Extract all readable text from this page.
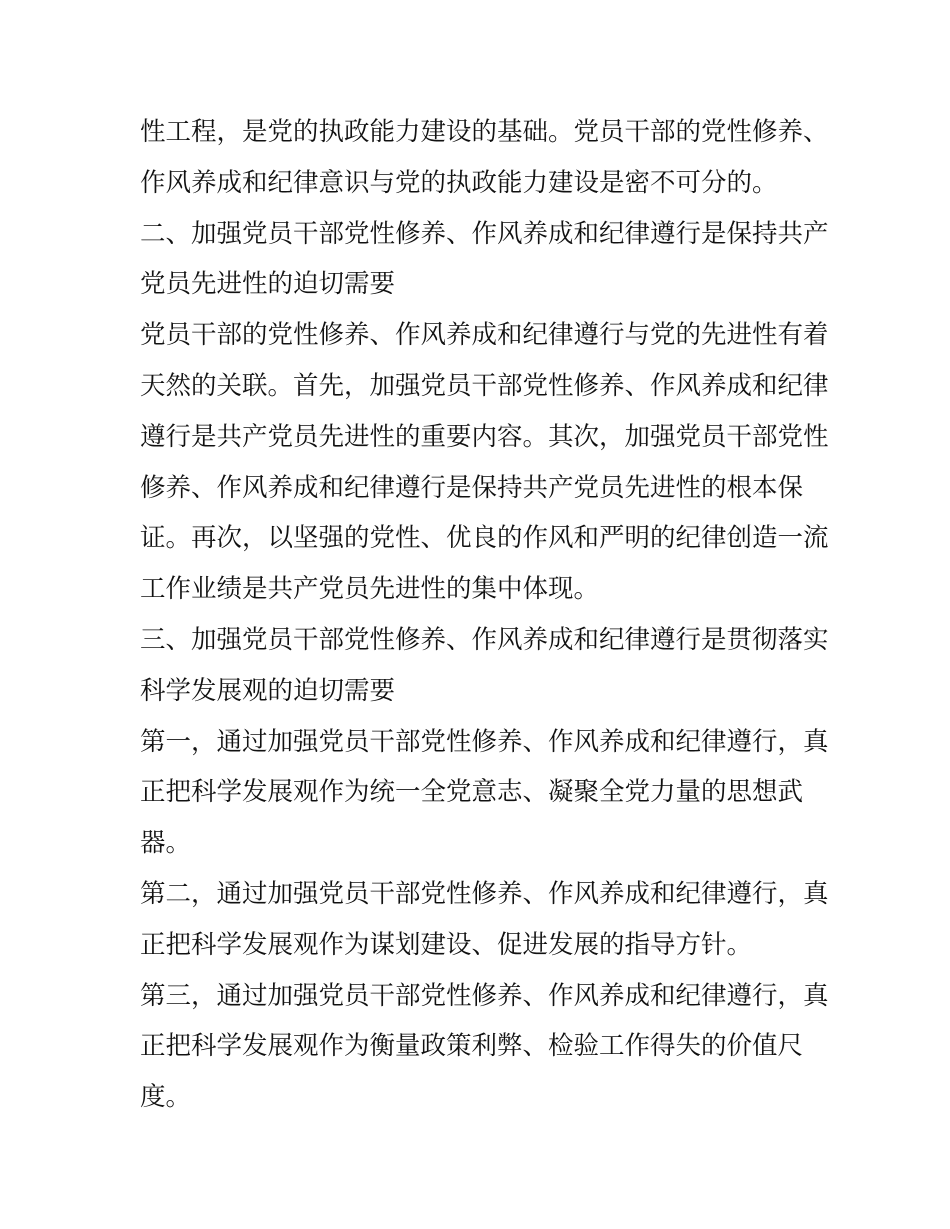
性工程，是党的执政能力建设的基础。党员干部的党性修养、

作风养成和纪律意识与党的执政能力建设是密不可分的。

二、加强党员干部党性修养、作风养成和纪律遵行是保持共产

党员先进性的迫切需要

党员干部的党性修养、作风养成和纪律遵行与党的先进性有着

天然的关联。首先，加强党员干部党性修养、作风养成和纪律

遵行是共产党员先进性的重要内容。其次，加强党员干部党性

修养、作风养成和纪律遵行是保持共产党员先进性的根本保

证。再次，以坚强的党性、优良的作风和严明的纪律创造一流

工作业绩是共产党员先进性的集中体现。

三、加强党员干部党性修养、作风养成和纪律遵行是贯彻落实

科学发展观的迫切需要

第一，通过加强党员干部党性修养、作风养成和纪律遵行，真

正把科学发展观作为统一全党意志、凝聚全党力量的思想武

器。

第二，通过加强党员干部党性修养、作风养成和纪律遵行，真

正把科学发展观作为谋划建设、促进发展的指导方针。

第三，通过加强党员干部党性修养、作风养成和纪律遵行，真

正把科学发展观作为衡量政策利弊、检验工作得失的价值尺

度。
